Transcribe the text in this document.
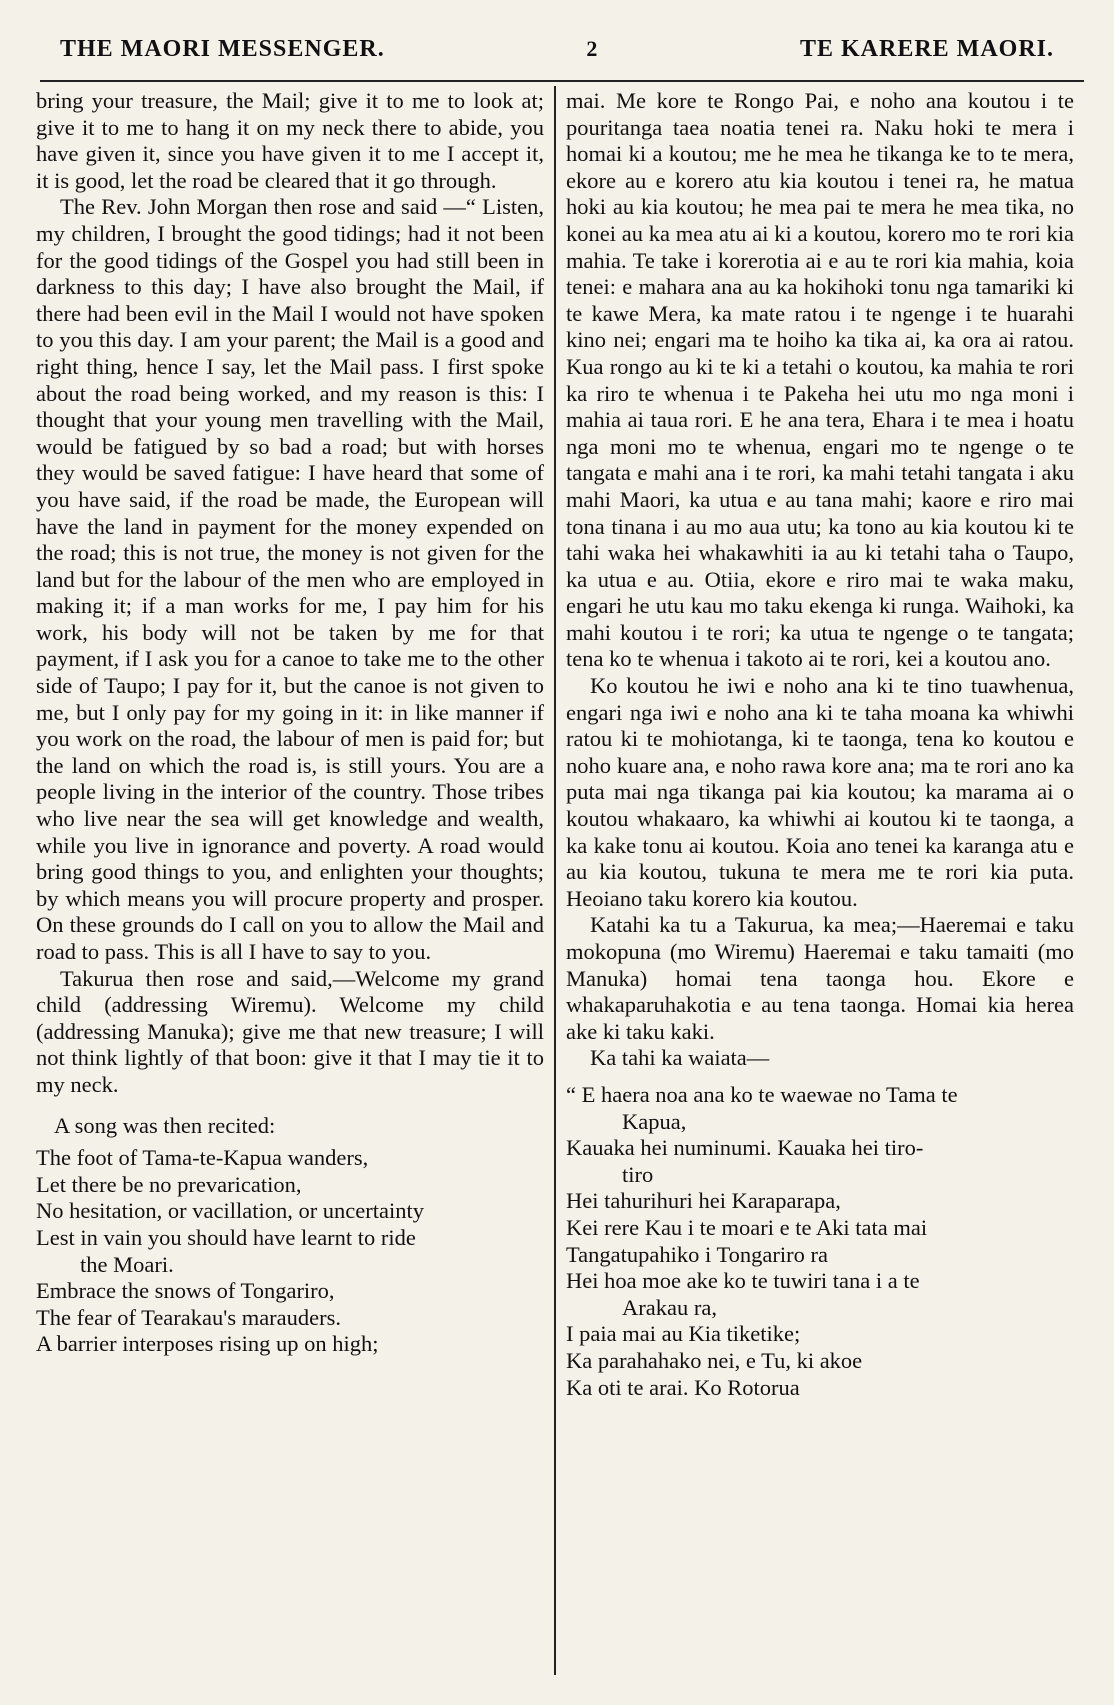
THE MAORI MESSENGER.	2	TE KARERE MAORI.

bring your treasure, the Mail; give it to me to look at; give it to me to hang it on my neck there to abide, you have given it, since you have given it to me I accept it, it is good, let the road be cleared that it go through.

The Rev. John Morgan then rose and said —“ Listen, my children, I brought the good tidings; had it not been for the good tidings of the Gospel you had still been in darkness to this day; I have also brought the Mail, if there had been evil in the Mail I would not have spoken to you this day. I am your parent; the Mail is a good and right thing, hence I say, let the Mail pass. I first spoke about the road being worked, and my reason is this: I thought that your young men travelling with the Mail, would be fatigued by so bad a road; but with horses they would be saved fatigue: I have heard that some of you have said, if the road be made, the European will have the land in payment for the money expended on the road; this is not true, the money is not given for the land but for the labour of the men who are employed in making it; if a man works for me, I pay him for his work, his body will not be taken by me for that payment, if I ask you for a canoe to take me to the other side of Taupo; I pay for it, but the canoe is not given to me, but I only pay for my going in it: in like manner if you work on the road, the labour of men is paid for; but the land on which the road is, is still yours. You are a people living in the interior of the country. Those tribes who live near the sea will get knowledge and wealth, while you live in ignorance and poverty. A road would bring good things to you, and enlighten your thoughts; by which means you will procure property and prosper. On these grounds do I call on you to allow the Mail and road to pass. This is all I have to say to you.

Takurua then rose and said,—Welcome my grand child (addressing Wiremu). Welcome my child (addressing Manuka); give me that new treasure; I will not think lightly of that boon: give it that I may tie it to my neck.

A song was then recited:

The foot of Tama-te-Kapua wanders,
Let there be no prevarication,
No hesitation, or vacillation, or uncertainty
Lest in vain you should have learnt to ride
the Moari.
Embrace the snows of Tongariro,
The fear of Tearakau's marauders.
A barrier interposes rising up on high;

mai. Me kore te Rongo Pai, e noho ana koutou i te pouritanga taea noatia tenei ra. Naku hoki te mera i homai ki a koutou; me he mea he tikanga ke to te mera, ekore au e korero atu kia koutou i tenei ra, he matua hoki au kia koutou; he mea pai te mera he mea tika, no konei au ka mea atu ai ki a koutou, korero mo te rori kia mahia. Te take i korerotia ai e au te rori kia mahia, koia tenei: e mahara ana au ka hokihoki tonu nga tamariki ki te kawe Mera, ka mate ratou i te ngenge i te huarahi kino nei; engari ma te hoiho ka tika ai, ka ora ai ratou. Kua rongo au ki te ki a tetahi o koutou, ka mahia te rori ka riro te whenua i te Pakeha hei utu mo nga moni i mahia ai taua rori. E he ana tera, Ehara i te mea i hoatu nga moni mo te whenua, engari mo te ngenge o te tangata e mahi ana i te rori, ka mahi tetahi tangata i aku mahi Maori, ka utua e au tana mahi; kaore e riro mai tona tinana i au mo aua utu; ka tono au kia koutou ki te tahi waka hei whakawhiti ia au ki tetahi taha o Taupo, ka utua e au. Otiia, ekore e riro mai te waka maku, engari he utu kau mo taku ekenga ki runga. Waihoki, ka mahi koutou i te rori; ka utua te ngenge o te tangata; tena ko te whenua i takoto ai te rori, kei a koutou ano.

Ko koutou he iwi e noho ana ki te tino tuawhenua, engari nga iwi e noho ana ki te taha moana ka whiwhi ratou ki te mohiotanga, ki te taonga, tena ko koutou e noho kuare ana, e noho rawa kore ana; ma te rori ano ka puta mai nga tikanga pai kia koutou; ka marama ai o koutou whakaaro, ka whiwhi ai koutou ki te taonga, a ka kake tonu ai koutou. Koia ano tenei ka karanga atu e au kia koutou, tukuna te mera me te rori kia puta. Heoiano taku korero kia koutou.

Katahi ka tu a Takurua, ka mea;—Haeremai e taku mokopuna (mo Wiremu) Haeremai e taku tamaiti (mo Manuka) homai tena taonga hou. Ekore e whakaparuhakotia e au tena taonga. Homai kia herea ake ki taku kaki.

Ka tahi ka waiata—

“ E haera noa ana ko te waewae no Tama te
Kapua,
Kauaka hei numinumi. Kauaka hei tiro-
tiro
Hei tahurihuri hei Karaparapa,
Kei rere Kau i te moari e te Aki tata mai
Tangatupahiko i Tongariro ra
Hei hoa moe ake ko te tuwiri tana i a te
Arakau ra,
I paia mai au Kia tiketike;
Ka parahahako nei, e Tu, ki akoe
Ka oti te arai. Ko Rotorua
